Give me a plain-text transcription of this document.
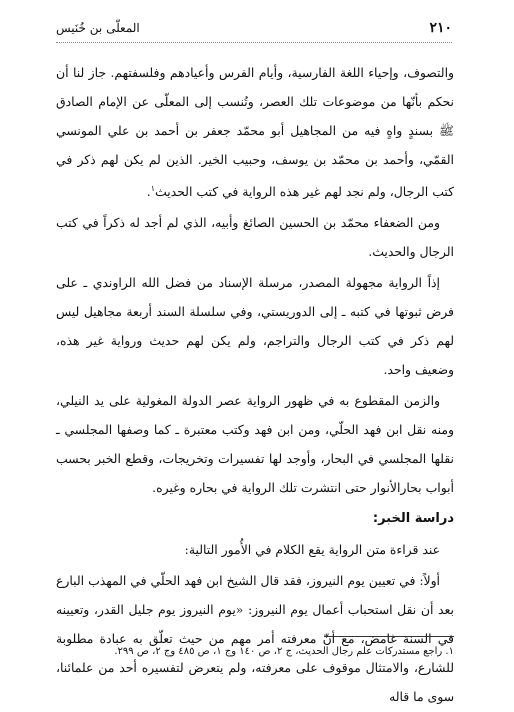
٢١٠
المعلّى بن خُنَيس

والتصوف، وإحياء اللغة الفارسية، وأيام الفرس وأعيادهم وفلسفتهم. جاز لنا أن نحكم بأنّها من موضوعات تلك العصر، وتُنسب إلى المعلّى عن الإمام الصادق ﷺ بسندٍ واهٍ فيه من المجاهيل أبو محمّد جعفر بن أحمد بن علي المونسي القمّي، وأحمد بن محمّد بن يوسف، وحبيب الخير. الذين لم يكن لهم ذكر في كتب الرجال، ولم نجد لهم غير هذه الرواية في كتب الحديث$^١$.

ومن الضعفاء محمّد بن الحسين الصائغ وأبيه، الذي لم أجد له ذكراً في كتب الرجال والحديث.

إذاً الرواية مجهولة المصدر، مرسلة الإسناد من فضل الله الراوندي ـ على فرض ثبوتها في كتبه ـ إلى الدوريستي، وفي سلسلة السند أربعة مجاهيل ليس لهم ذكر في كتب الرجال والتراجم، ولم يكن لهم حديث ورواية غير هذه، وضعيف واحد.

والزمن المقطوع به في ظهور الرواية عصر الدولة المغولية على يد النيلي، ومنه نقل ابن فهد الحلّي، ومن ابن فهد وكتب معتبرة ـ كما وصفها المجلسي ـ نقلها المجلسي في البحار، وأوجد لها تفسيرات وتخريجات، وقطع الخبر بحسب أبواب بحارالأنوار حتى انتشرت تلك الرواية في بحاره وغيره.

دراسة الخبر:

عند قراءة متن الرواية يقع الكلام في الأُمور التالية:

أولاً: في تعيين يوم النيروز، فقد قال الشيخ ابن فهد الحلّي في المهذب البارع بعد أن نقل استحباب أعمال يوم النيروز: «يوم النيروز يوم جليل القدر، وتعيينه في السنة غامض، مع أنّ معرفته أمر مهم من حيث تعلّق به عبادة مطلوبة للشارع، والامتثال موقوف على معرفته، ولم يتعرض لتفسيره أحد من علمائنا، سوى ما قاله

١. راجع مستدركات علم رجال الحديث، ج ٢، ص ١٤٠ وج ١، ص ٤٨٥ وج ٢، ص ٢٩٩.
